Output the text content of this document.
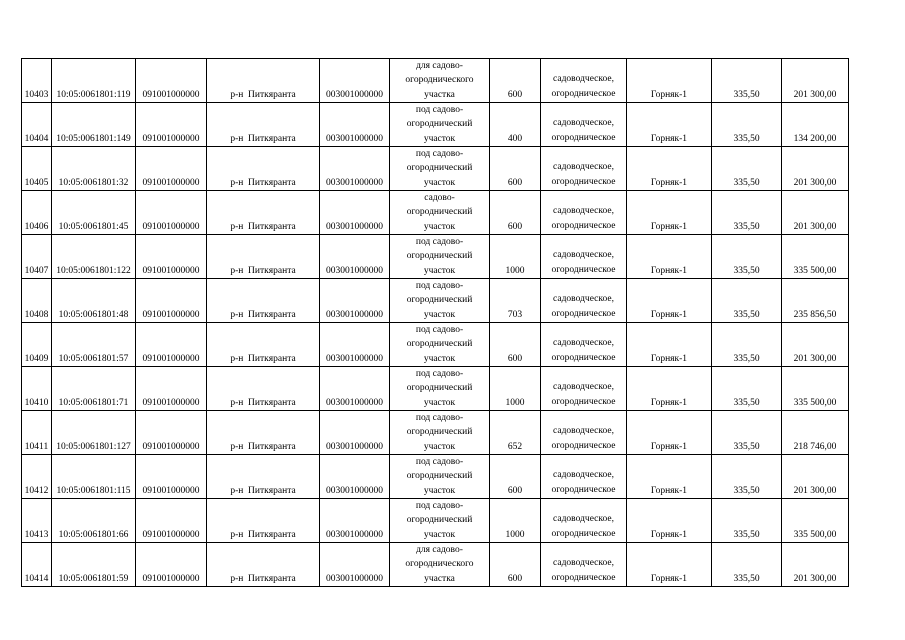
10403	10:05:0061801:119	091001000000	р-н  Питкяранта	003001000000	для садово-
огороднического
участка	600	садоводческое,
огородническое	Горняк-1	335,50	201 300,00
10404	10:05:0061801:149	091001000000	р-н  Питкяранта	003001000000	под садово-
огороднический
участок	400	садоводческое,
огородническое	Горняк-1	335,50	134 200,00
10405	10:05:0061801:32	091001000000	р-н  Питкяранта	003001000000	под садово-
огороднический
участок	600	садоводческое,
огородническое	Горняк-1	335,50	201 300,00
10406	10:05:0061801:45	091001000000	р-н  Питкяранта	003001000000	садово-
огороднический
участок	600	садоводческое,
огородническое	Горняк-1	335,50	201 300,00
10407	10:05:0061801:122	091001000000	р-н  Питкяранта	003001000000	под садово-
огороднический
участок	1000	садоводческое,
огородническое	Горняк-1	335,50	335 500,00
10408	10:05:0061801:48	091001000000	р-н  Питкяранта	003001000000	под садово-
огороднический
участок	703	садоводческое,
огородническое	Горняк-1	335,50	235 856,50
10409	10:05:0061801:57	091001000000	р-н  Питкяранта	003001000000	под садово-
огороднический
участок	600	садоводческое,
огородническое	Горняк-1	335,50	201 300,00
10410	10:05:0061801:71	091001000000	р-н  Питкяранта	003001000000	под садово-
огороднический
участок	1000	садоводческое,
огородническое	Горняк-1	335,50	335 500,00
10411	10:05:0061801:127	091001000000	р-н  Питкяранта	003001000000	под садово-
огороднический
участок	652	садоводческое,
огородническое	Горняк-1	335,50	218 746,00
10412	10:05:0061801:115	091001000000	р-н  Питкяранта	003001000000	под садово-
огороднический
участок	600	садоводческое,
огородническое	Горняк-1	335,50	201 300,00
10413	10:05:0061801:66	091001000000	р-н  Питкяранта	003001000000	под садово-
огороднический
участок	1000	садоводческое,
огородническое	Горняк-1	335,50	335 500,00
10414	10:05:0061801:59	091001000000	р-н  Питкяранта	003001000000	для садово-
огороднического
участка	600	садоводческое,
огородническое	Горняк-1	335,50	201 300,00
